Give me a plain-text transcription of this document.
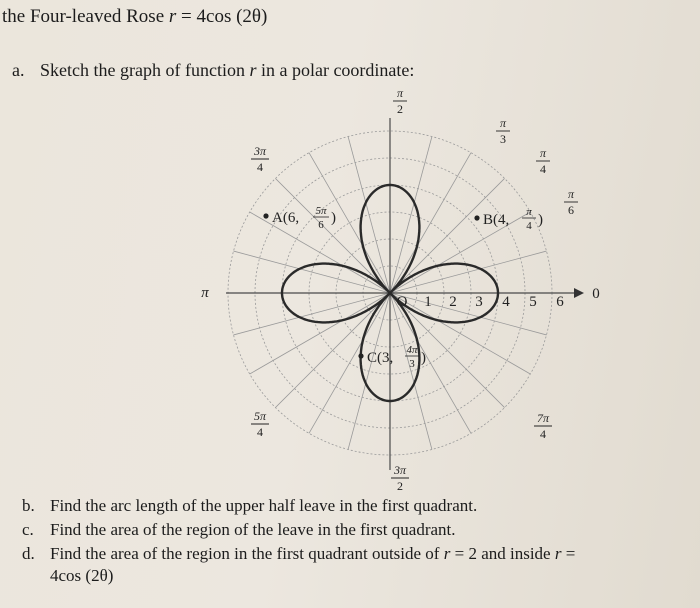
the Four-leaved Rose r = 4cos (2θ)
a. Sketch the graph of function r in a polar coordinate:
O 1 2 3 4 5 6 0
π
π
2
π
3
π
4
π
6
3π
4
5π
4
7π
4
3π
2
A(6, 5π
6 )	B(4, π
4 )
C(3, 4π
3 )
b. Find the arc length of the upper half leave in the first quadrant.
c. Find the area of the region of the leave in the first quadrant.
d. Find the area of the region in the first quadrant outside of r = 2 and inside r =
4cos (2θ)
